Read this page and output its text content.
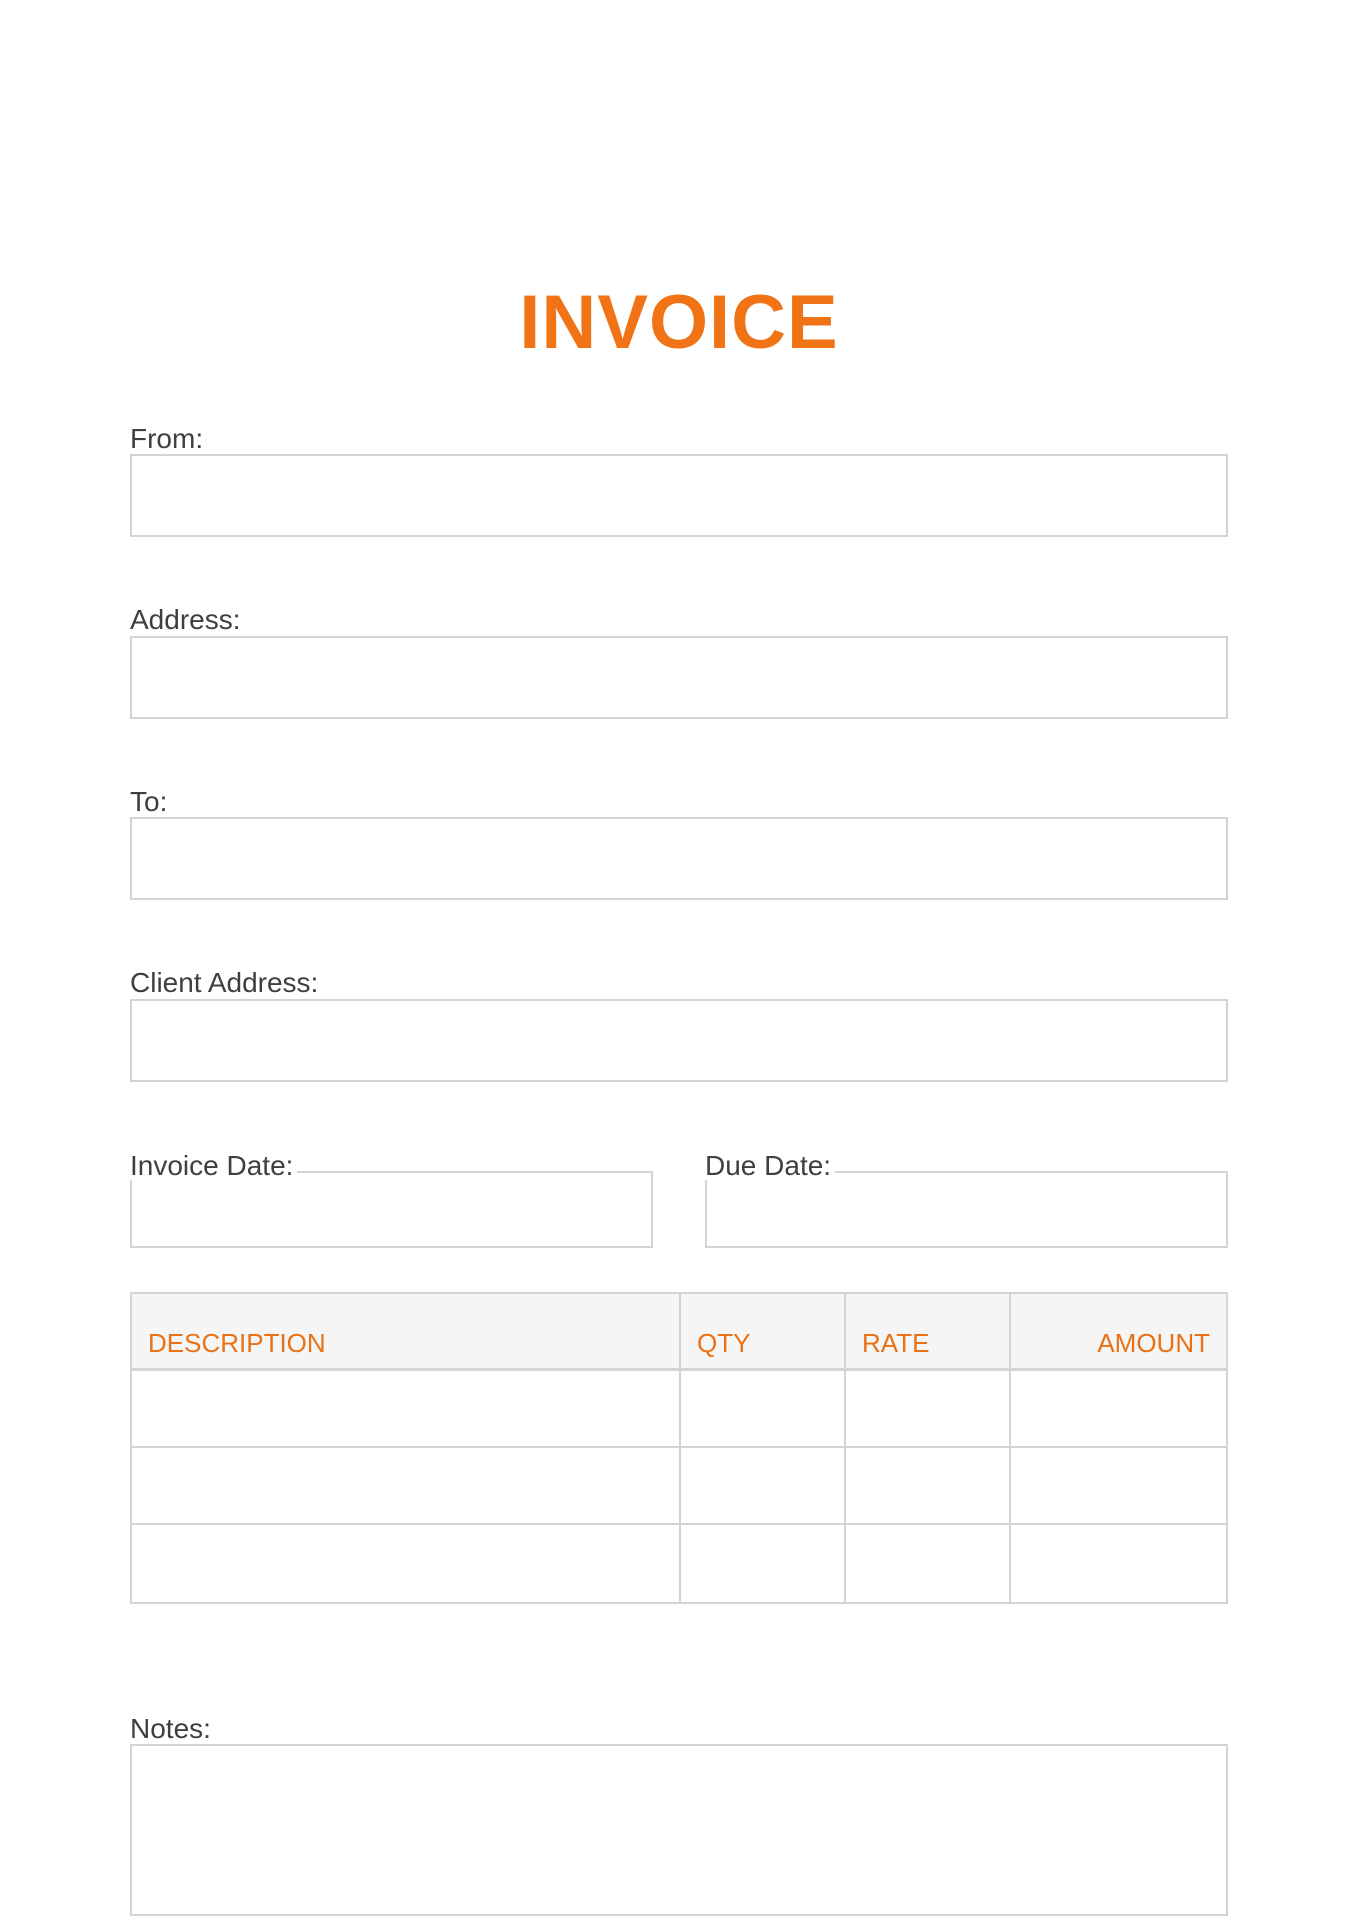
INVOICE
From:
Address:
To:
Client Address:
Invoice Date:	Due Date:
DESCRIPTION	QTY	RATE	AMOUNT
Notes:
